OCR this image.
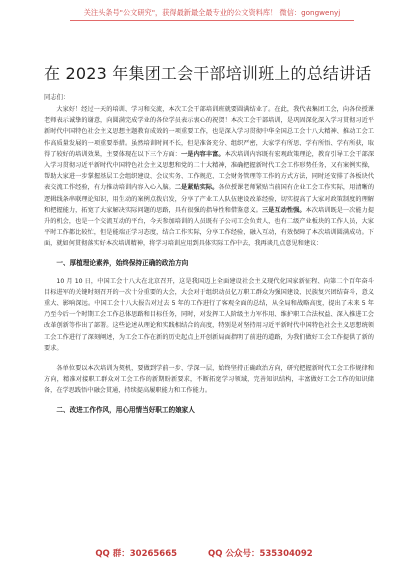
关注头条号"公文研究"，获得最新最全最专业的公文资料库！ 微信：gongwenyj
在 2023 年集团工会干部培训班上的总结讲话
同志们：

大家好！经过一天的培训、学习和交流，本次工会干部培训班就要圆满结业了。在此，我代表集团工会，向各位授课老师表示诚挚的谢意，向圆满完成学业的各位学员表示衷心的祝贺！本次工会干部培训，是巩固深化深入学习贯彻习近平新时代中国特色社会主义思想主题教育成效的一项重要工作，也是深入学习贯彻中华全国总工会十八大精神、推动工会工作高质量发展的一项重要举措。虽然培训时间不长，但是准备充分、组织严密，大家学有所思、学有所悟、学有所获，取得了较好的培训效果，主要体现在以下三个方面：一是内容丰富。本次培训内容既有宏观政策理论，教育引导工会干部深入学习贯彻习近平新时代中国特色社会主义思想和党的二十大精神，准确把握新时代工会工作形势任务，又有案例实操，帮助大家进一步掌握基层工会组织建设、会议实务、工作规范、工会财务管理等工作的方式方法，同时还安排了各板块代表交流工作经验，有力推动培训内容入心入脑。二是紧贴实际。各位授课老师紧贴当前国有企业工会工作实际，用清晰的逻辑线条串联理论知识，用生动的案例点拨启发，分享了产业工人队伍建设改革经验，切实提高了大家对政策制度的理解和把握能力，拓宽了大家解决实际问题的思路，具有很强的指导性和借鉴意义。三是互动性强。本次培训既是一次能力提升的机会，也是一个交流互动的平台，今天参加培训的人员既有子公司工会负责人，也有二级产业板块的工作人员，大家平时工作都比较忙，但是能端正学习态度，结合工作实际，分享工作经验，融入互动，有效保障了本次培训圆满成功。下面，就如何贯彻落实好本次培训精神，将学习培训应用到具体实际工作中去，我再谈几点意见和建议：

一、厚植理论素养，始终保持正确的政治方向

10 月 10 日，中国工会十八大在北京召开，这是我国迈上全面建设社会主义现代化国家新征程、向第二个百年奋斗目标进军的关键时刻召开的一次十分重要的大会，大会对于组织动员亿万职工群众为强国建设、民族复兴团结奋斗，意义重大、影响深远。中国工会十八大报告对过去 5 年的工作进行了客观全面的总结，从全局和战略高度，提出了未来 5 年乃至今后一个时期工会工作总体思路和目标任务，同时，对发挥工人阶级主力军作用、维护职工合法权益、深入推进工会改革创新等作出了部署。这些论述从理论和实践相结合的高度，特别是对坚持用习近平新时代中国特色社会主义思想统领工会工作进行了深刻阐述，为工会工作在新的历史起点上开创新局面指明了前进的道路，为我们做好工会工作提供了新的要求。

各单位要以本次培训为契机，要做到学前一步、学深一层，始终坚持正确政治方向，研究把握新时代工会工作规律和方向，精准对接职工群众对工会工作的新期盼新要求，不断拓宽学习领域，完善知识结构，丰富做好工会工作的知识储备，在学思践悟中融会贯通，持续提高履职能力和工作能力。

二、改进工作作风，用心用情当好职工的娘家人
QQ 群：30265665	QQ 公众号：535304092
